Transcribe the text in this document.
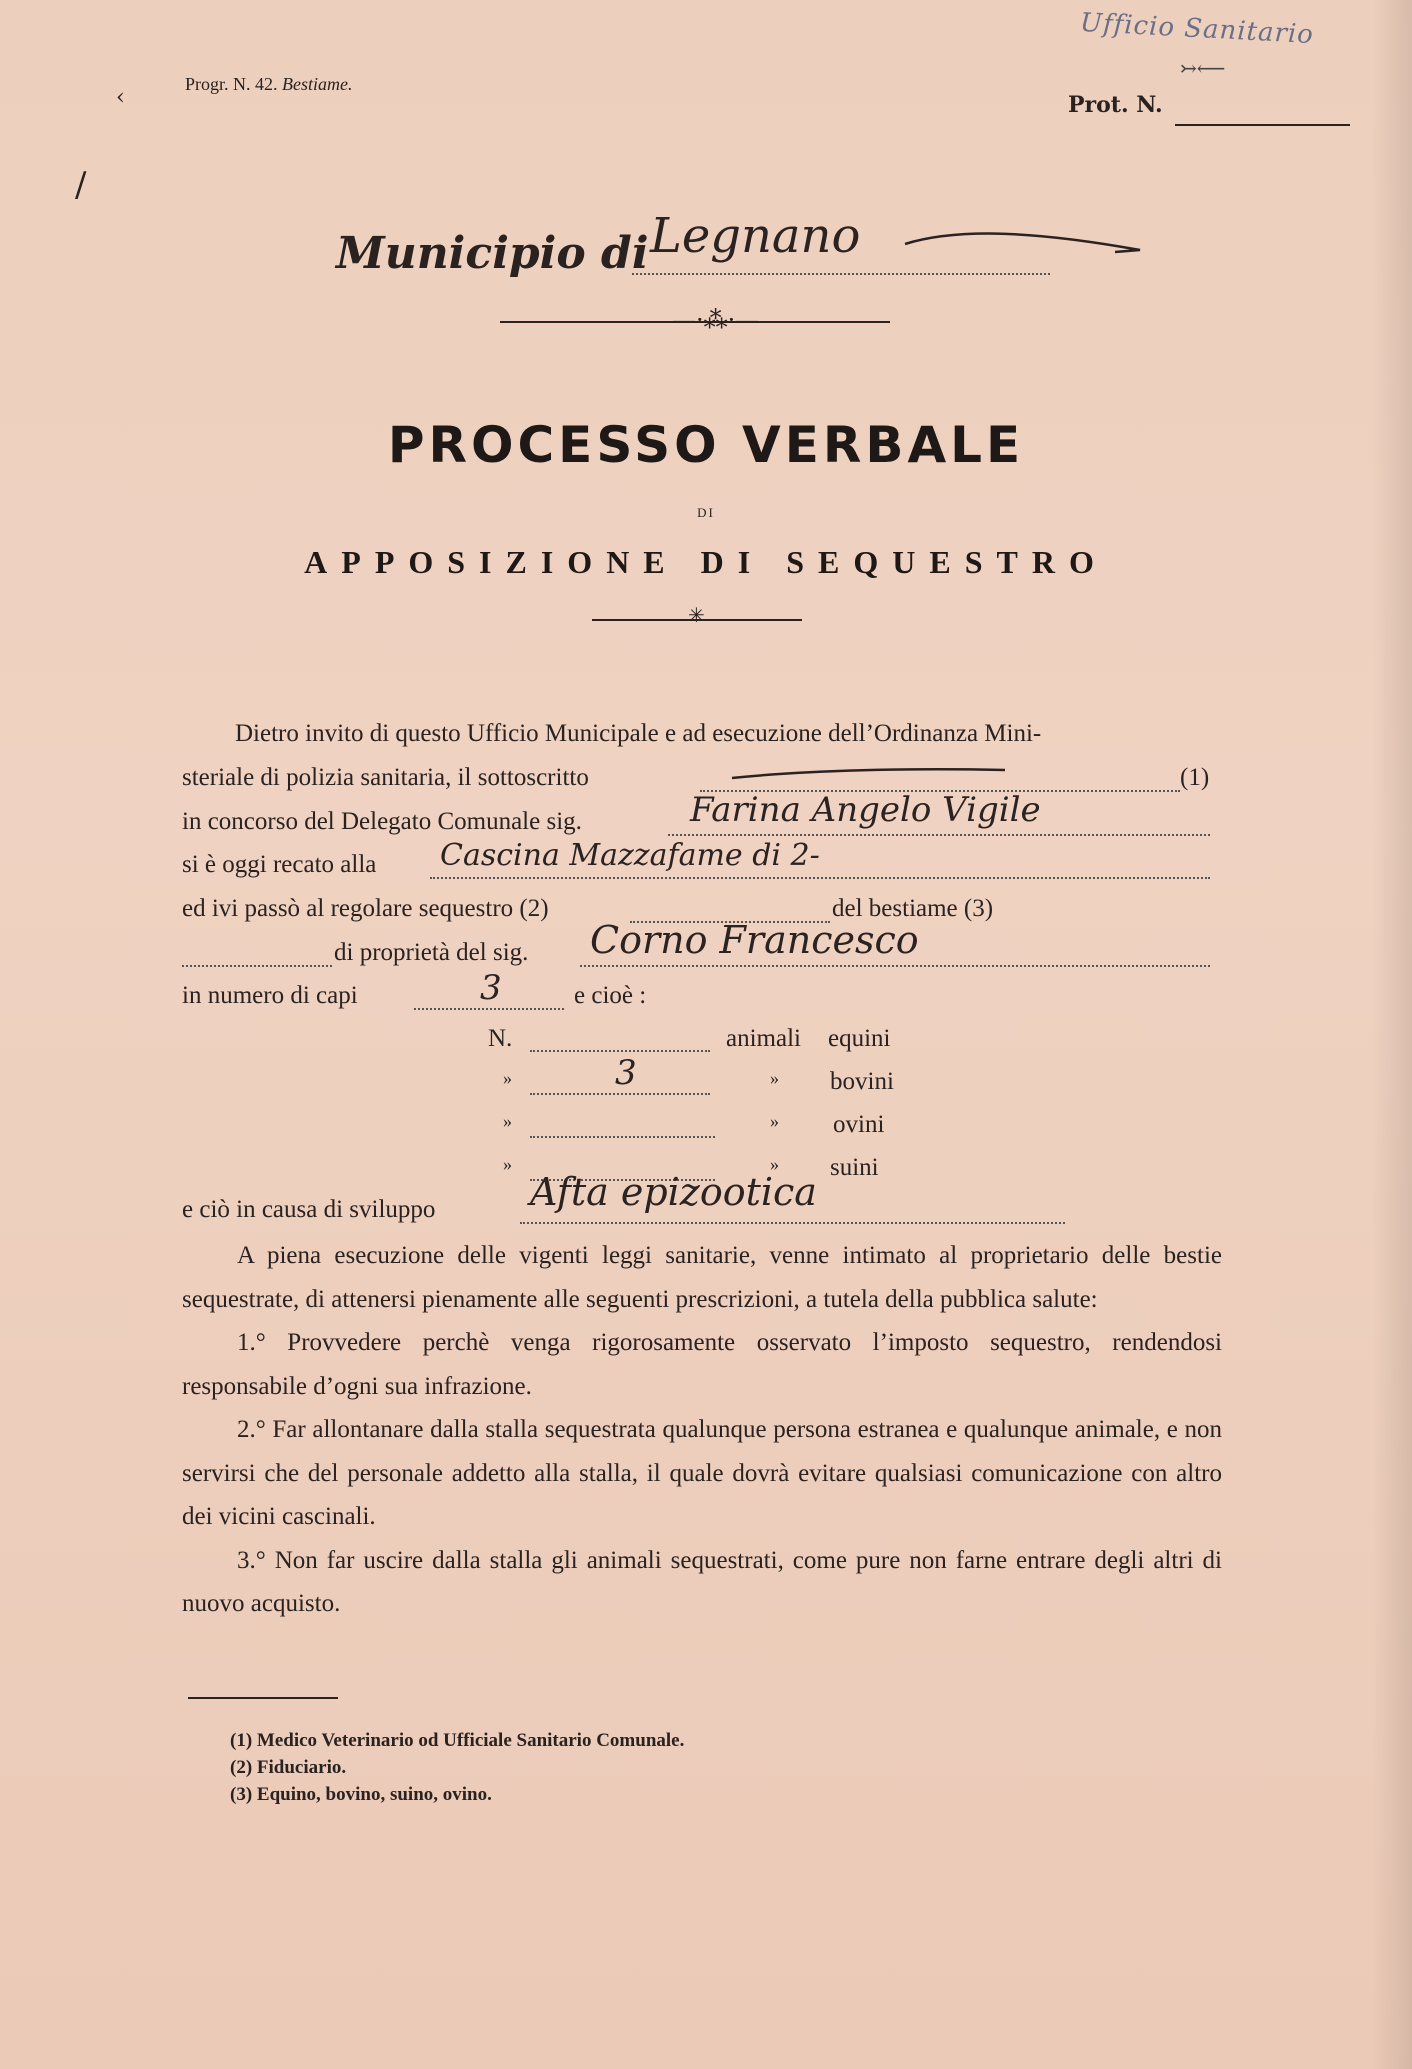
‹
/
Progr. N. 42. Bestiame.
Ufficio Sanitario
↣⟵
Prot. N.
Municipio di Legnano
—·⁂·—
PROCESSO VERBALE
DI
APPOSIZIONE DI SEQUESTRO
✳
Dietro invito di questo Ufficio Municipale e ad esecuzione dell’Ordinanza Mini-
steriale di polizia sanitaria, il sottoscritto	(1)
in concorso del Delegato Comunale sig.	Farina Angelo Vigile
si è oggi recato alla Cascina Mazzafame di 2-
ed ivi passò al regolare sequestro (2)	del bestiame (3)
di proprietà del sig. Corno Francesco
in numero di capi	3	e cioè :
N.	animali equini
»	3	» bovini
»	» ovini
»	» suini
e ciò in causa di sviluppo Afta epizootica

A piena esecuzione delle vigenti leggi sanitarie, venne intimato al proprietario delle bestie sequestrate, di attenersi pienamente alle seguenti prescrizioni, a tutela della pubblica salute:

1.° Provvedere perchè venga rigorosamente osservato l’imposto sequestro, rendendosi responsabile d’ogni sua infrazione.

2.° Far allontanare dalla stalla sequestrata qualunque persona estranea e qualunque animale, e non servirsi che del personale addetto alla stalla, il quale dovrà evitare qualsiasi comunicazione con altro dei vicini cascinali.

3.° Non far uscire dalla stalla gli animali sequestrati, come pure non farne entrare degli altri di nuovo acquisto.

(1) Medico Veterinario od Ufficiale Sanitario Comunale.
(2) Fiduciario.
(3) Equino, bovino, suino, ovino.
